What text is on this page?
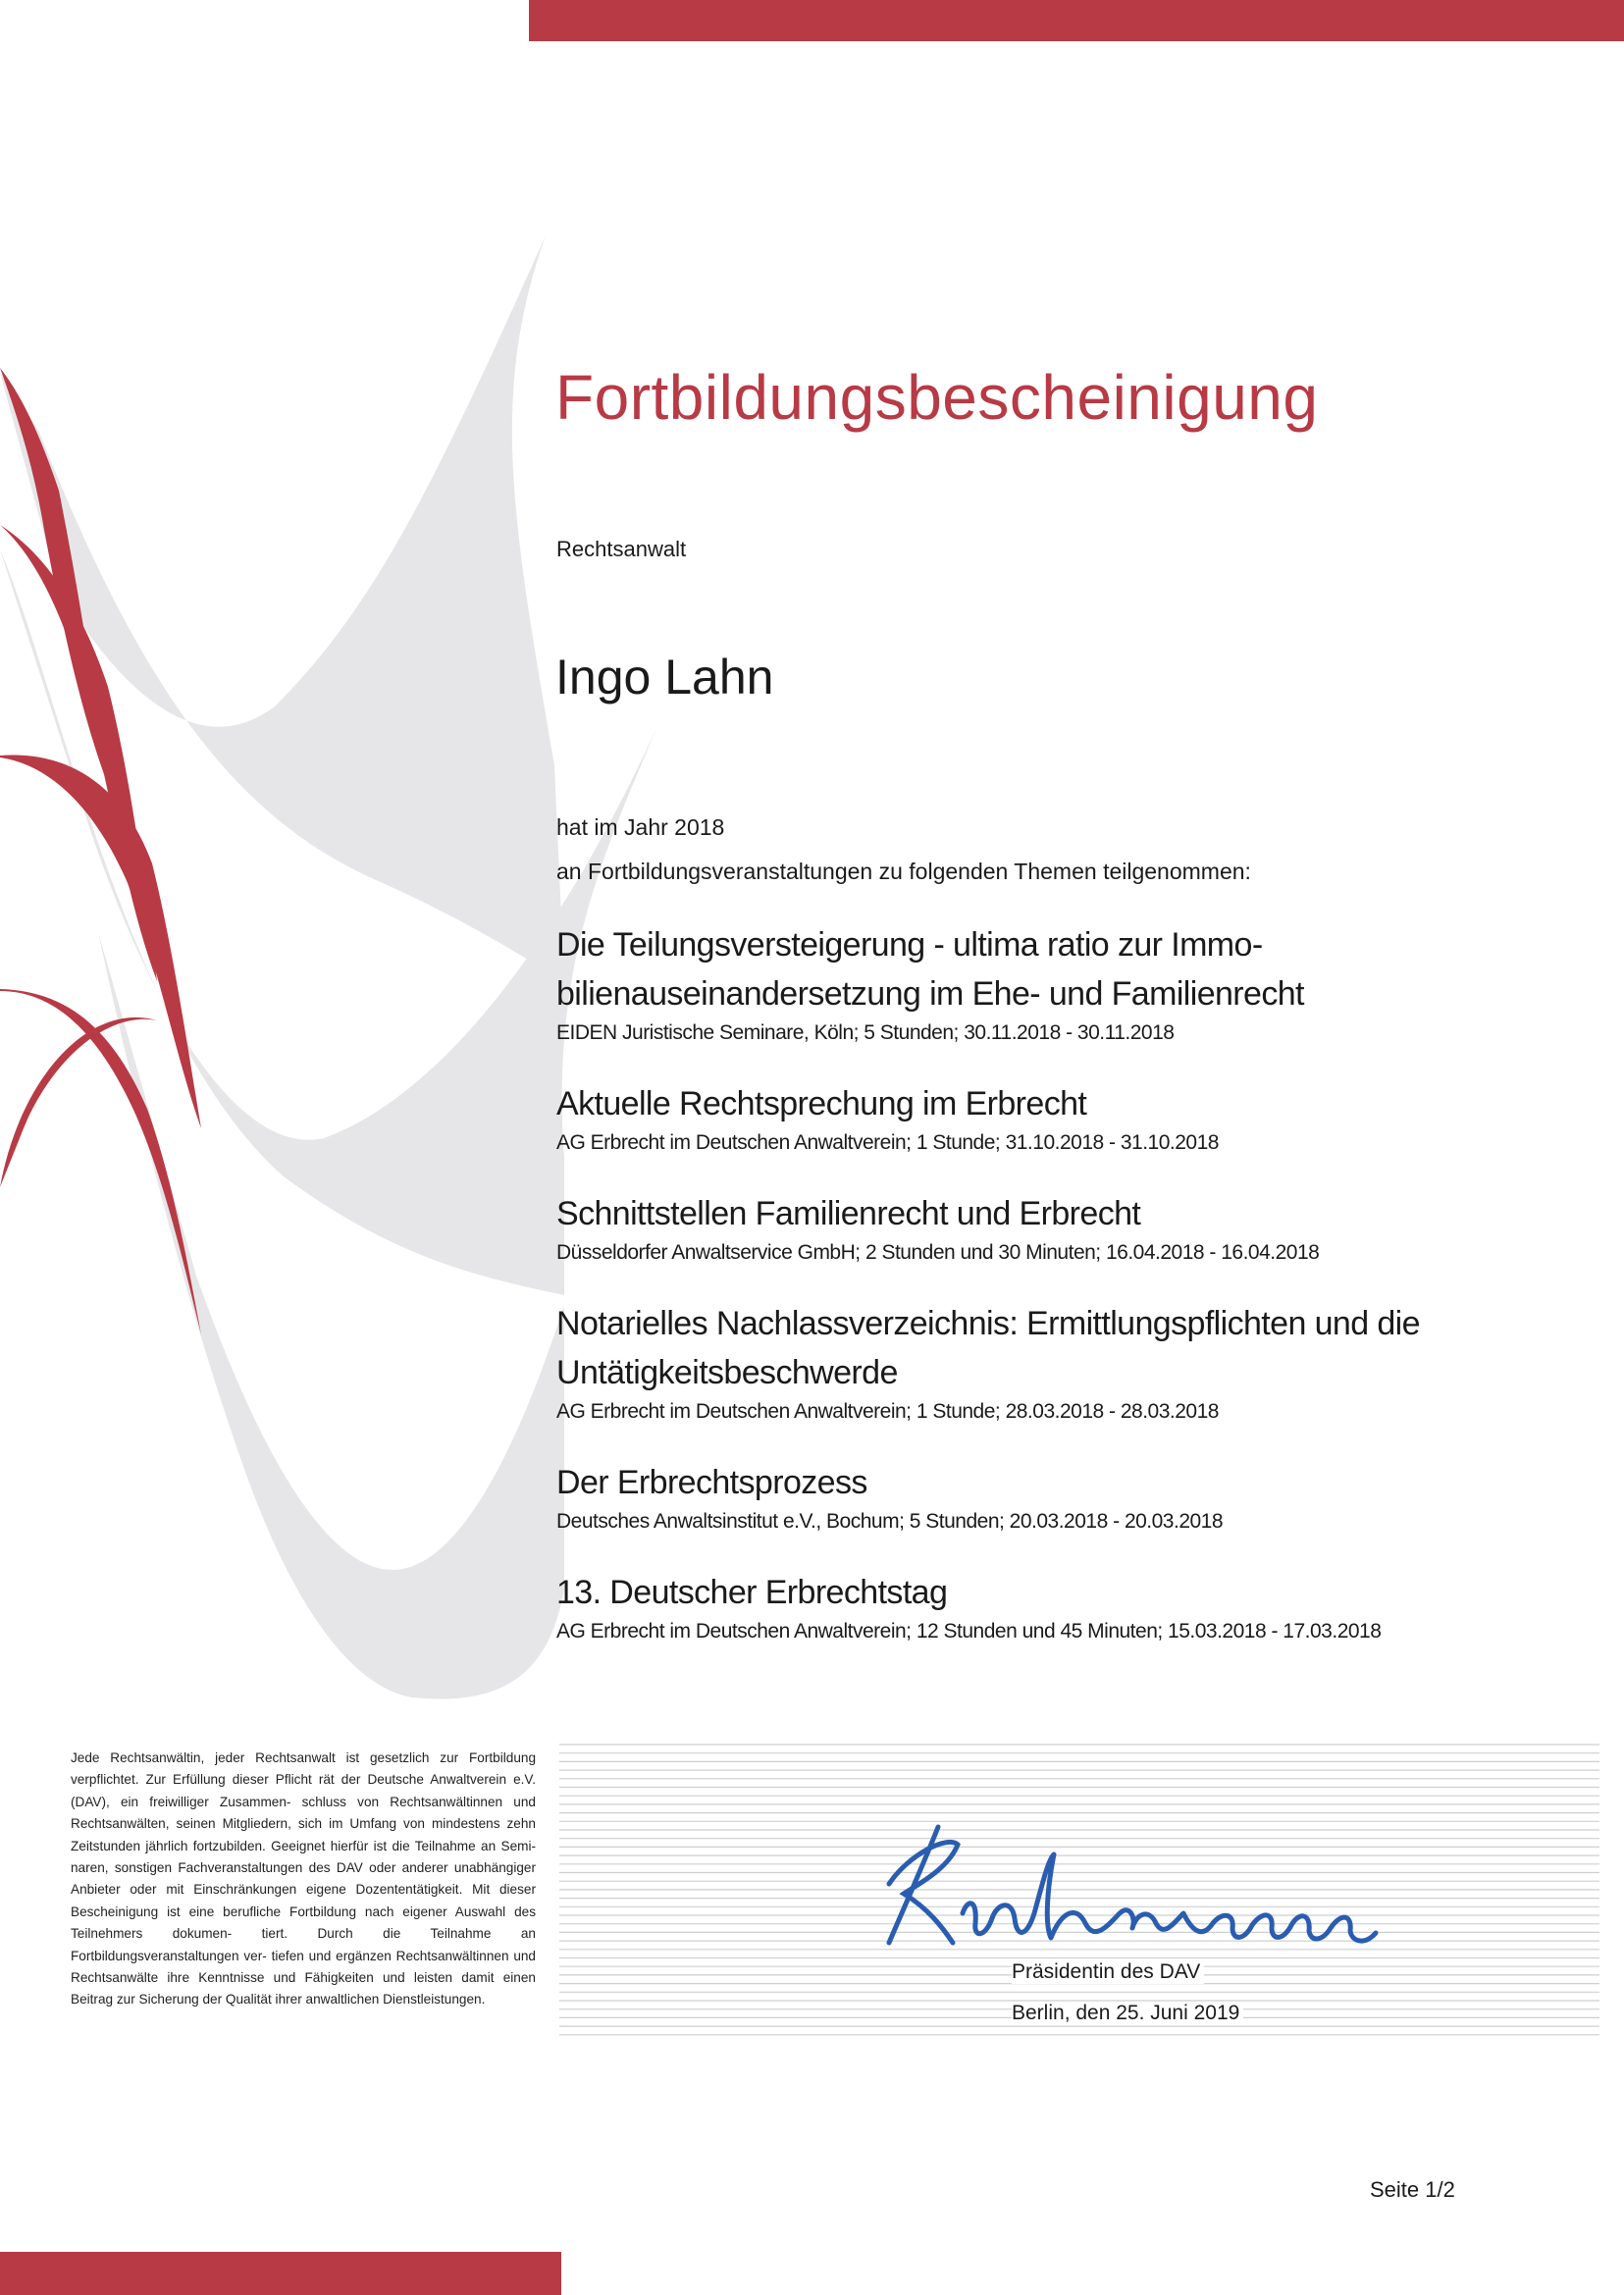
Fortbildungsbescheinigung
Rechtsanwalt
Ingo Lahn
hat im Jahr 2018
an Fortbildungsveranstaltungen zu folgenden Themen teilgenommen:
Die Teilungsversteigerung - ultima ratio zur Immo-
bilienauseinandersetzung im Ehe- und Familienrecht
EIDEN Juristische Seminare, Köln; 5 Stunden; 30.11.2018 - 30.11.2018
Aktuelle Rechtsprechung im Erbrecht
AG Erbrecht im Deutschen Anwaltverein; 1 Stunde; 31.10.2018 - 31.10.2018
Schnittstellen Familienrecht und Erbrecht
Düsseldorfer Anwaltservice GmbH; 2 Stunden und 30 Minuten; 16.04.2018 - 16.04.2018
Notarielles Nachlassverzeichnis: Ermittlungspflichten und die
Untätigkeitsbeschwerde
AG Erbrecht im Deutschen Anwaltverein; 1 Stunde; 28.03.2018 - 28.03.2018
Der Erbrechtsprozess
Deutsches Anwaltsinstitut e.V., Bochum; 5 Stunden; 20.03.2018 - 20.03.2018
13. Deutscher Erbrechtstag
AG Erbrecht im Deutschen Anwaltverein; 12 Stunden und 45 Minuten; 15.03.2018 - 17.03.2018
Jede Rechtsanwältin, jeder Rechtsanwalt ist gesetzlich zur Fortbildung verpflichtet. Zur Erfüllung dieser Pflicht rät der Deutsche Anwaltverein e.V. (DAV), ein freiwilliger Zusammen- schluss von Rechtsanwältinnen und Rechtsanwälten, seinen Mitgliedern, sich im Umfang von mindestens zehn Zeitstunden jährlich fortzubilden. Geeignet hierfür ist die Teilnahme an Semi- naren, sonstigen Fachveranstaltungen des DAV oder anderer unabhängiger Anbieter oder mit Einschränkungen eigene Dozententätigkeit. Mit dieser Bescheinigung ist eine berufliche Fortbildung nach eigener Auswahl des Teilnehmers dokumen- tiert. Durch die Teilnahme an Fortbildungsveranstaltungen ver- tiefen und ergänzen Rechtsanwältinnen und Rechtsanwälte ihre Kenntnisse und Fähigkeiten und leisten damit einen Beitrag zur Sicherung der Qualität ihrer anwaltlichen Dienstleistungen.
Präsidentin des DAV
Berlin, den 25. Juni 2019
Seite 1/2
